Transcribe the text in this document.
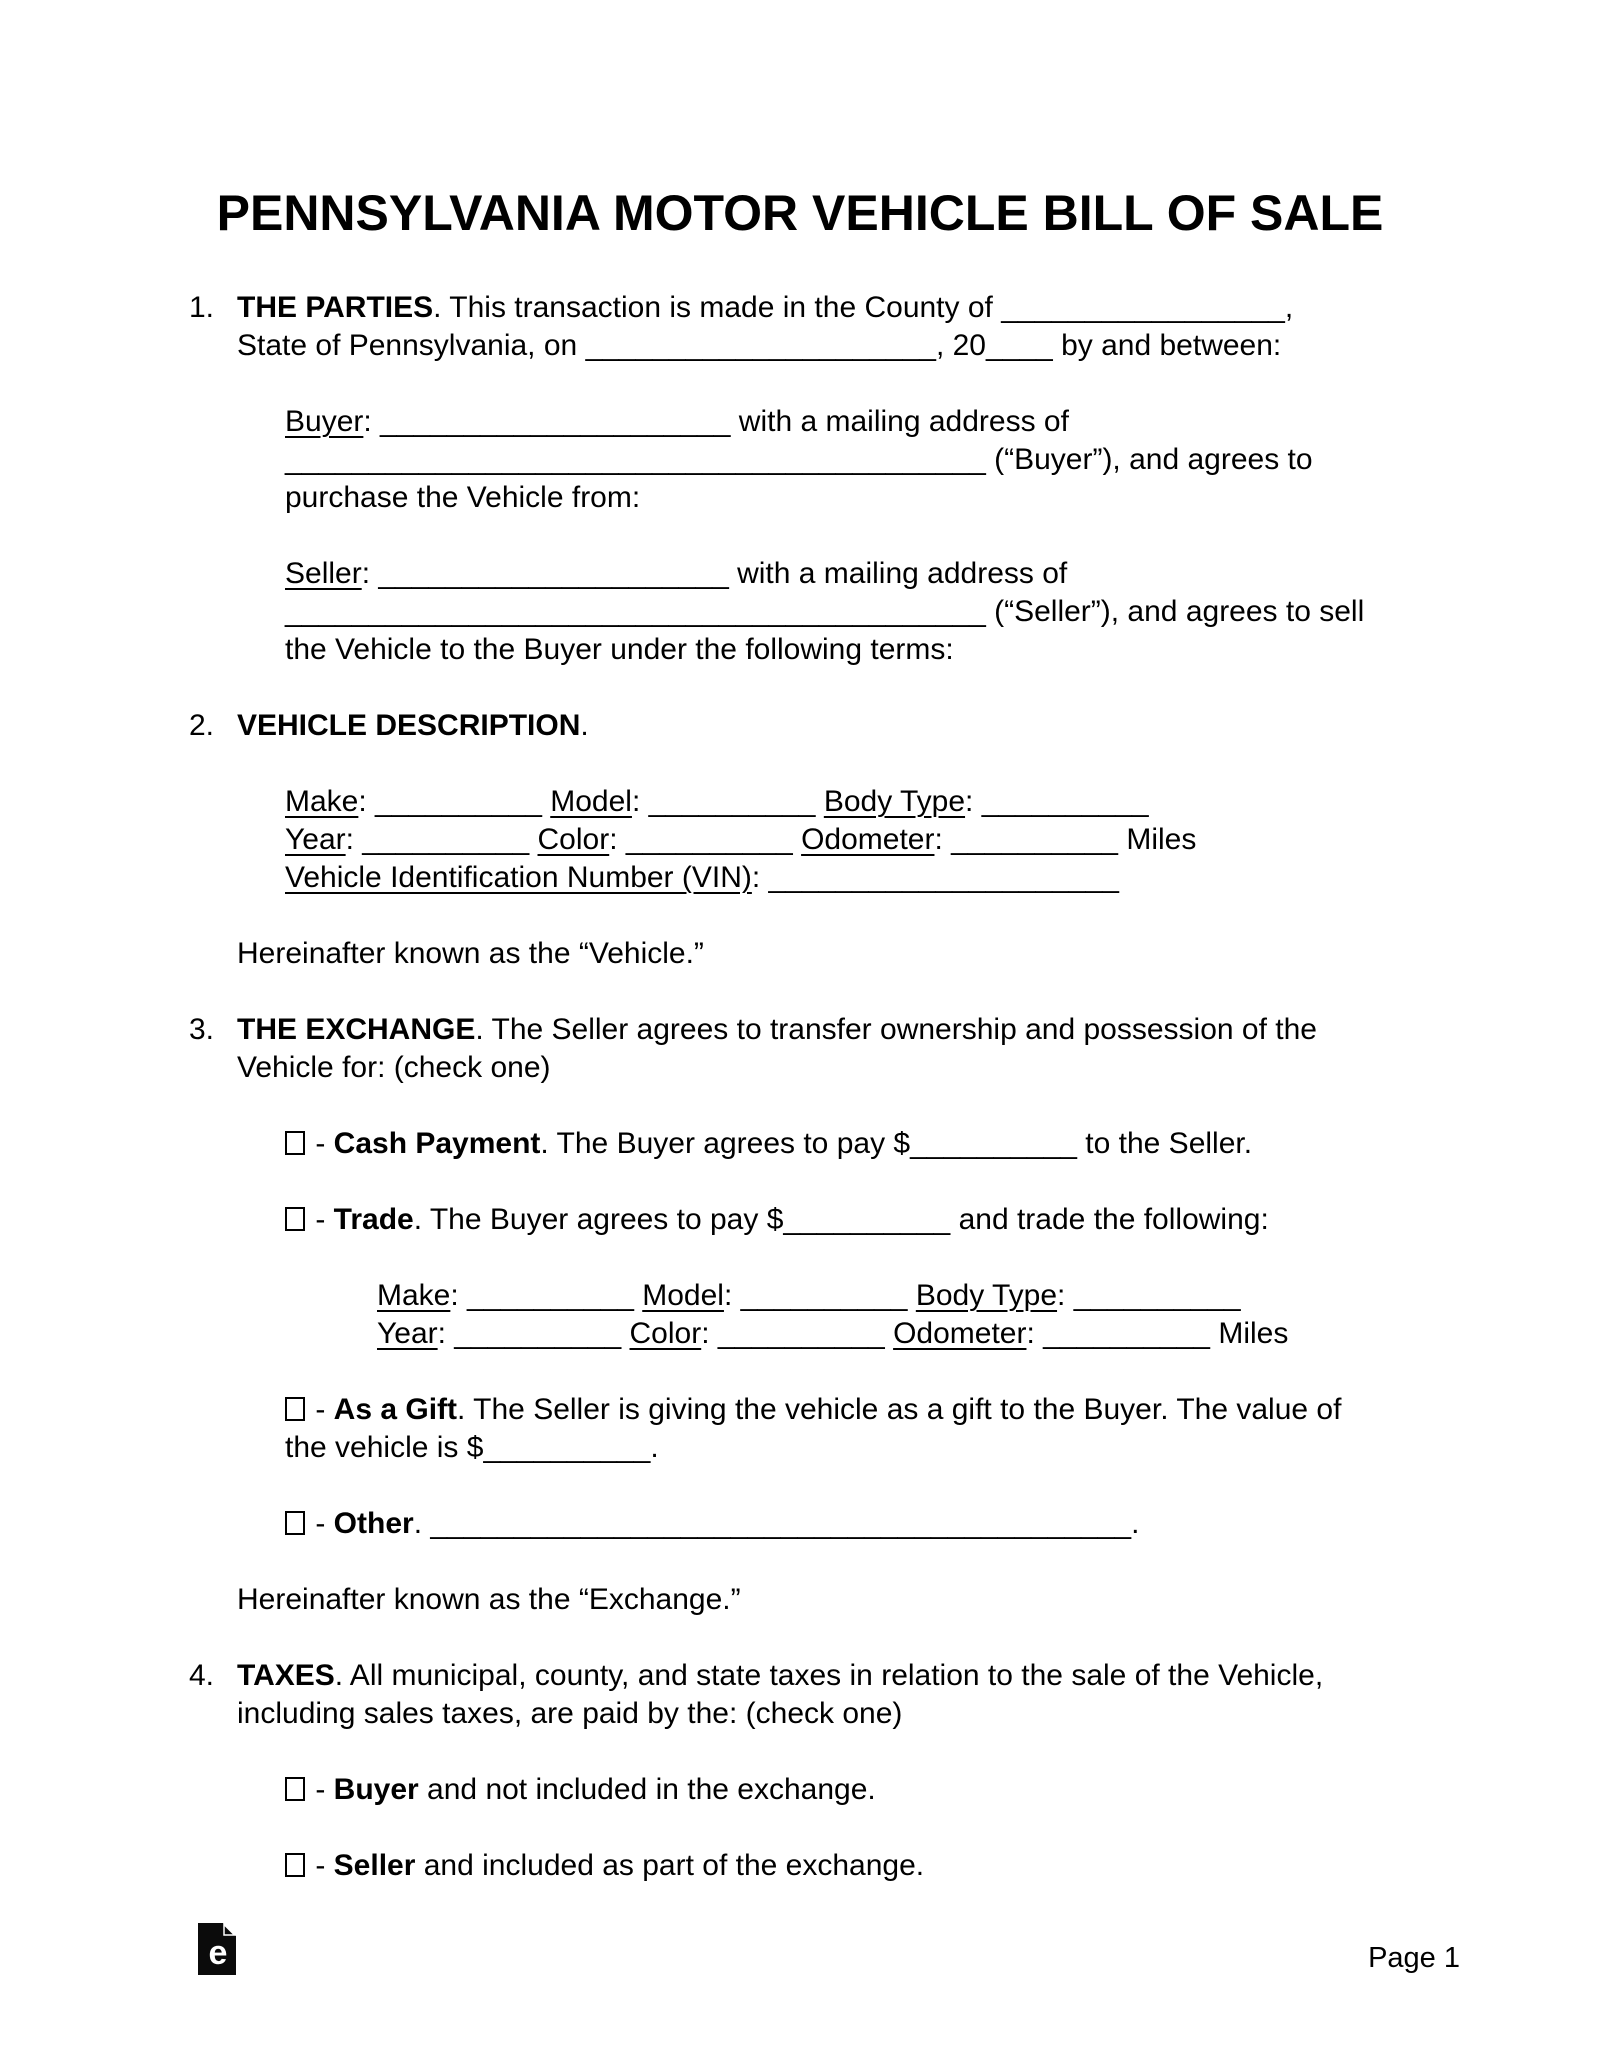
PENNSYLVANIA MOTOR VEHICLE BILL OF SALE
1. THE PARTIES. This transaction is made in the County of _________________,
State of Pennsylvania, on _____________________, 20____ by and between:
Buyer: _____________________ with a mailing address of
__________________________________________ (“Buyer”), and agrees to
purchase the Vehicle from:
Seller: _____________________ with a mailing address of
__________________________________________ (“Seller”), and agrees to sell
the Vehicle to the Buyer under the following terms:
2. VEHICLE DESCRIPTION.
Make: __________ Model: __________ Body Type: __________
Year: __________ Color: __________ Odometer: __________ Miles
Vehicle Identification Number (VIN): _____________________
Hereinafter known as the “Vehicle.”
3. THE EXCHANGE. The Seller agrees to transfer ownership and possession of the
Vehicle for: (check one)
- Cash Payment. The Buyer agrees to pay $__________ to the Seller.
- Trade. The Buyer agrees to pay $__________ and trade the following:
Make: __________ Model: __________ Body Type: __________
Year: __________ Color: __________ Odometer: __________ Miles
- As a Gift. The Seller is giving the vehicle as a gift to the Buyer. The value of
the vehicle is $__________.
- Other. __________________________________________.
Hereinafter known as the “Exchange.”
4. TAXES. All municipal, county, and state taxes in relation to the sale of the Vehicle,
including sales taxes, are paid by the: (check one)
- Buyer and not included in the exchange.
- Seller and included as part of the exchange.
e	Page 1
